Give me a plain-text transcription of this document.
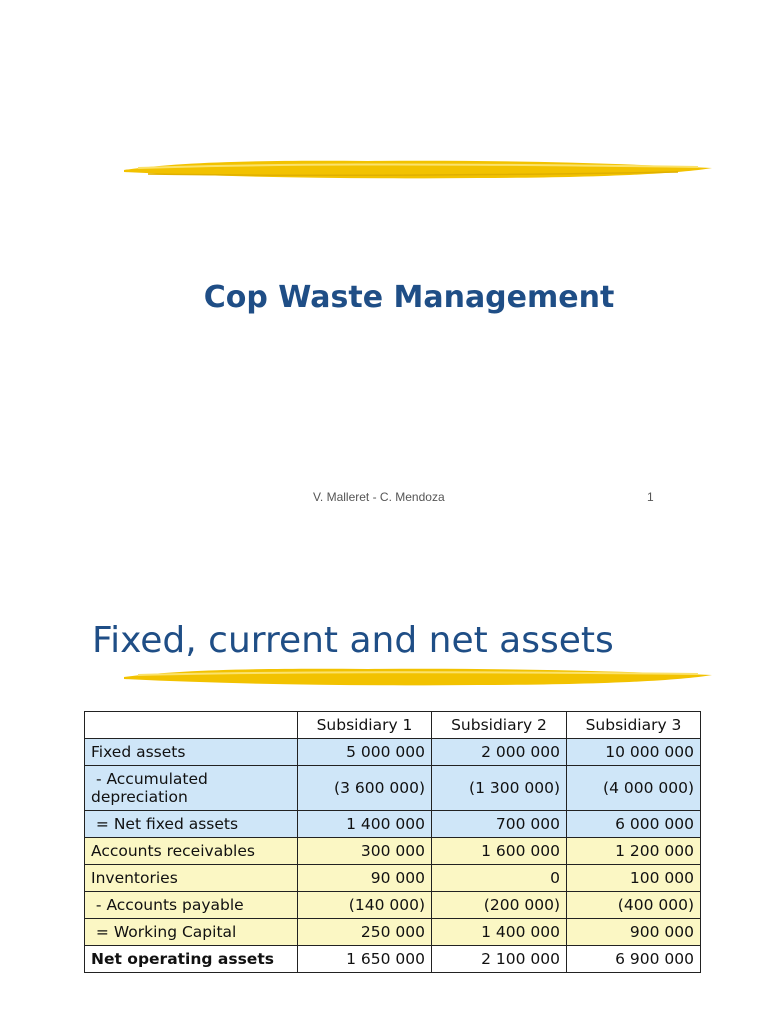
Cop Waste Management
V. Malleret - C. Mendoza	1
Fixed, current and net assets
	Subsidiary 1	Subsidiary 2	Subsidiary 3
Fixed assets	5 000 000	2 000 000	10 000 000
- Accumulated depreciation	(3 600 000)	(1 300 000)	(4 000 000)
= Net fixed assets	1 400 000	700 000	6 000 000
Accounts receivables	300 000	1 600 000	1 200 000
Inventories	90 000	0	100 000
- Accounts payable	(140 000)	(200 000)	(400 000)
= Working Capital	250 000	1 400 000	900 000
Net operating assets	1 650 000	2 100 000	6 900 000
